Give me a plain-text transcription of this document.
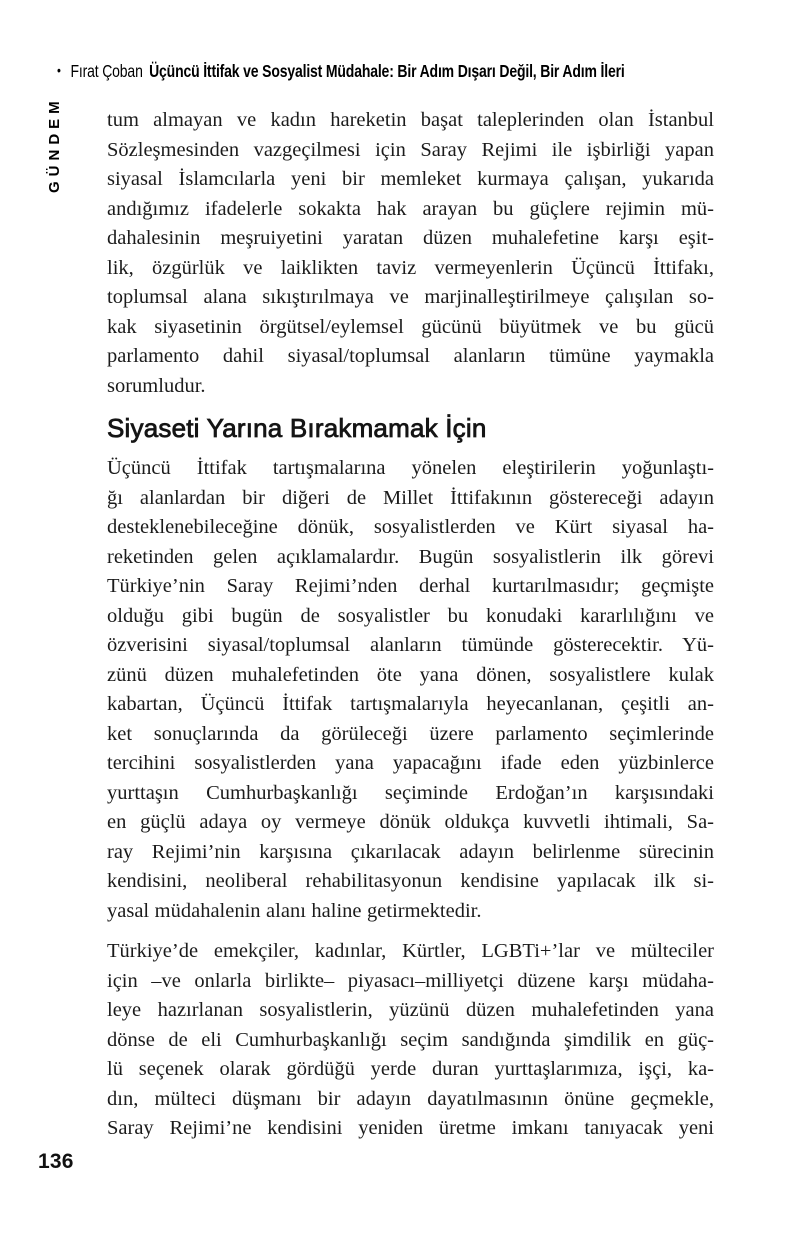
• Fırat Çoban Üçüncü İttifak ve Sosyalist Müdahale: Bir Adım Dışarı Değil, Bir Adım İleri
GÜNDEM tum almayan ve kadın hareketin başat taleplerinden olan İstanbul
Sözleşmesinden vazgeçilmesi için Saray Rejimi ile işbirliği yapan
siyasal İslamcılarla yeni bir memleket kurmaya çalışan, yukarıda
andığımız ifadelerle sokakta hak arayan bu güçlere rejimin mü-
dahalesinin meşruiyetini yaratan düzen muhalefetine karşı eşit-
lik, özgürlük ve laiklikten taviz vermeyenlerin Üçüncü İttifakı,
toplumsal alana sıkıştırılmaya ve marjinalleştirilmeye çalışılan so-
kak siyasetinin örgütsel/eylemsel gücünü büyütmek ve bu gücü
parlamento dahil siyasal/toplumsal alanların tümüne yaymakla
sorumludur.
Siyaseti Yarına Bırakmamak İçin
Üçüncü İttifak tartışmalarına yönelen eleştirilerin yoğunlaştı-
ğı alanlardan bir diğeri de Millet İttifakının göstereceği adayın
desteklenebileceğine dönük, sosyalistlerden ve Kürt siyasal ha-
reketinden gelen açıklamalardır. Bugün sosyalistlerin ilk görevi
Türkiye’nin Saray Rejimi’nden derhal kurtarılmasıdır; geçmişte
olduğu gibi bugün de sosyalistler bu konudaki kararlılığını ve
özverisini siyasal/toplumsal alanların tümünde gösterecektir. Yü-
zünü düzen muhalefetinden öte yana dönen, sosyalistlere kulak
kabartan, Üçüncü İttifak tartışmalarıyla heyecanlanan, çeşitli an-
ket sonuçlarında da görüleceği üzere parlamento seçimlerinde
tercihini sosyalistlerden yana yapacağını ifade eden yüzbinlerce
yurttaşın Cumhurbaşkanlığı seçiminde Erdoğan’ın karşısındaki
en güçlü adaya oy vermeye dönük oldukça kuvvetli ihtimali, Sa-
ray Rejimi’nin karşısına çıkarılacak adayın belirlenme sürecinin
kendisini, neoliberal rehabilitasyonun kendisine yapılacak ilk si-
yasal müdahalenin alanı haline getirmektedir.
Türkiye’de emekçiler, kadınlar, Kürtler, LGBTi+’lar ve mülteciler
için –ve onlarla birlikte– piyasacı–milliyetçi düzene karşı müdaha-
leye hazırlanan sosyalistlerin, yüzünü düzen muhalefetinden yana
dönse de eli Cumhurbaşkanlığı seçim sandığında şimdilik en güç-
lü seçenek olarak gördüğü yerde duran yurttaşlarımıza, işçi, ka-
dın, mülteci düşmanı bir adayın dayatılmasının önüne geçmekle,
Saray Rejimi’ne kendisini yeniden üretme imkanı tanıyacak yeni
136
